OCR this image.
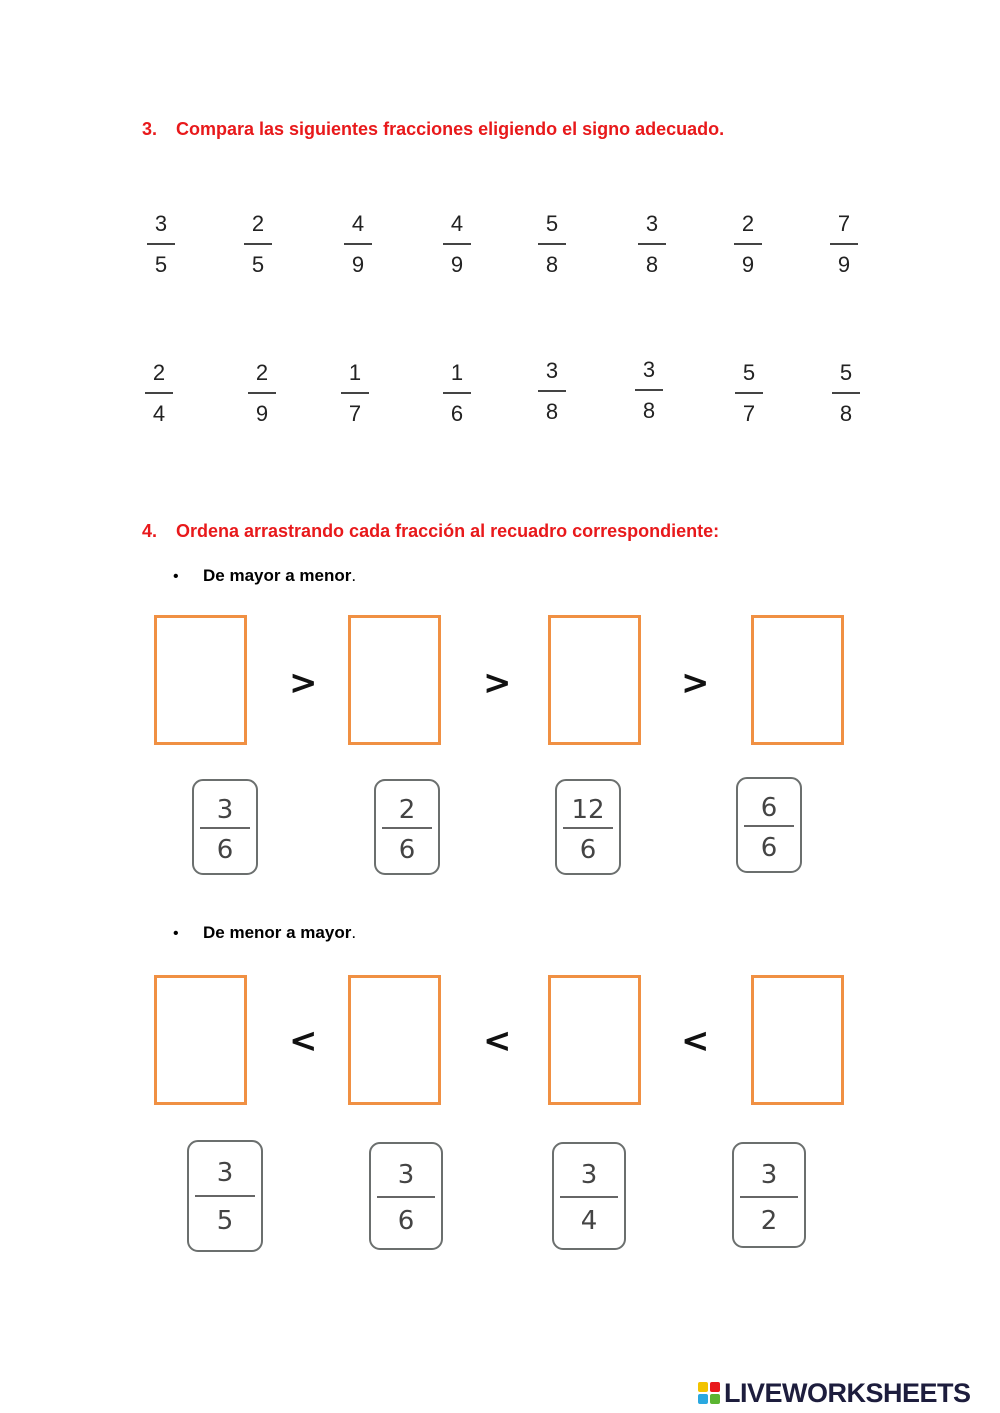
3. Compara las siguientes fracciones eligiendo el signo adecuado.
3
5
2
5
4
9
4
9
5
8
3
8
2
9
7
9
2
4
2
9
1
7
1
6
3
8
3
8
5
7
5
8
4. Ordena arrastrando cada fracción al recuadro correspondiente:
• De mayor a menor.
>	>	>
3
6
2
6
12
6
6
6
• De menor a mayor.
<	<	<
3
5
3
6
3
4
3
2
LIVEWORKSHEETS
